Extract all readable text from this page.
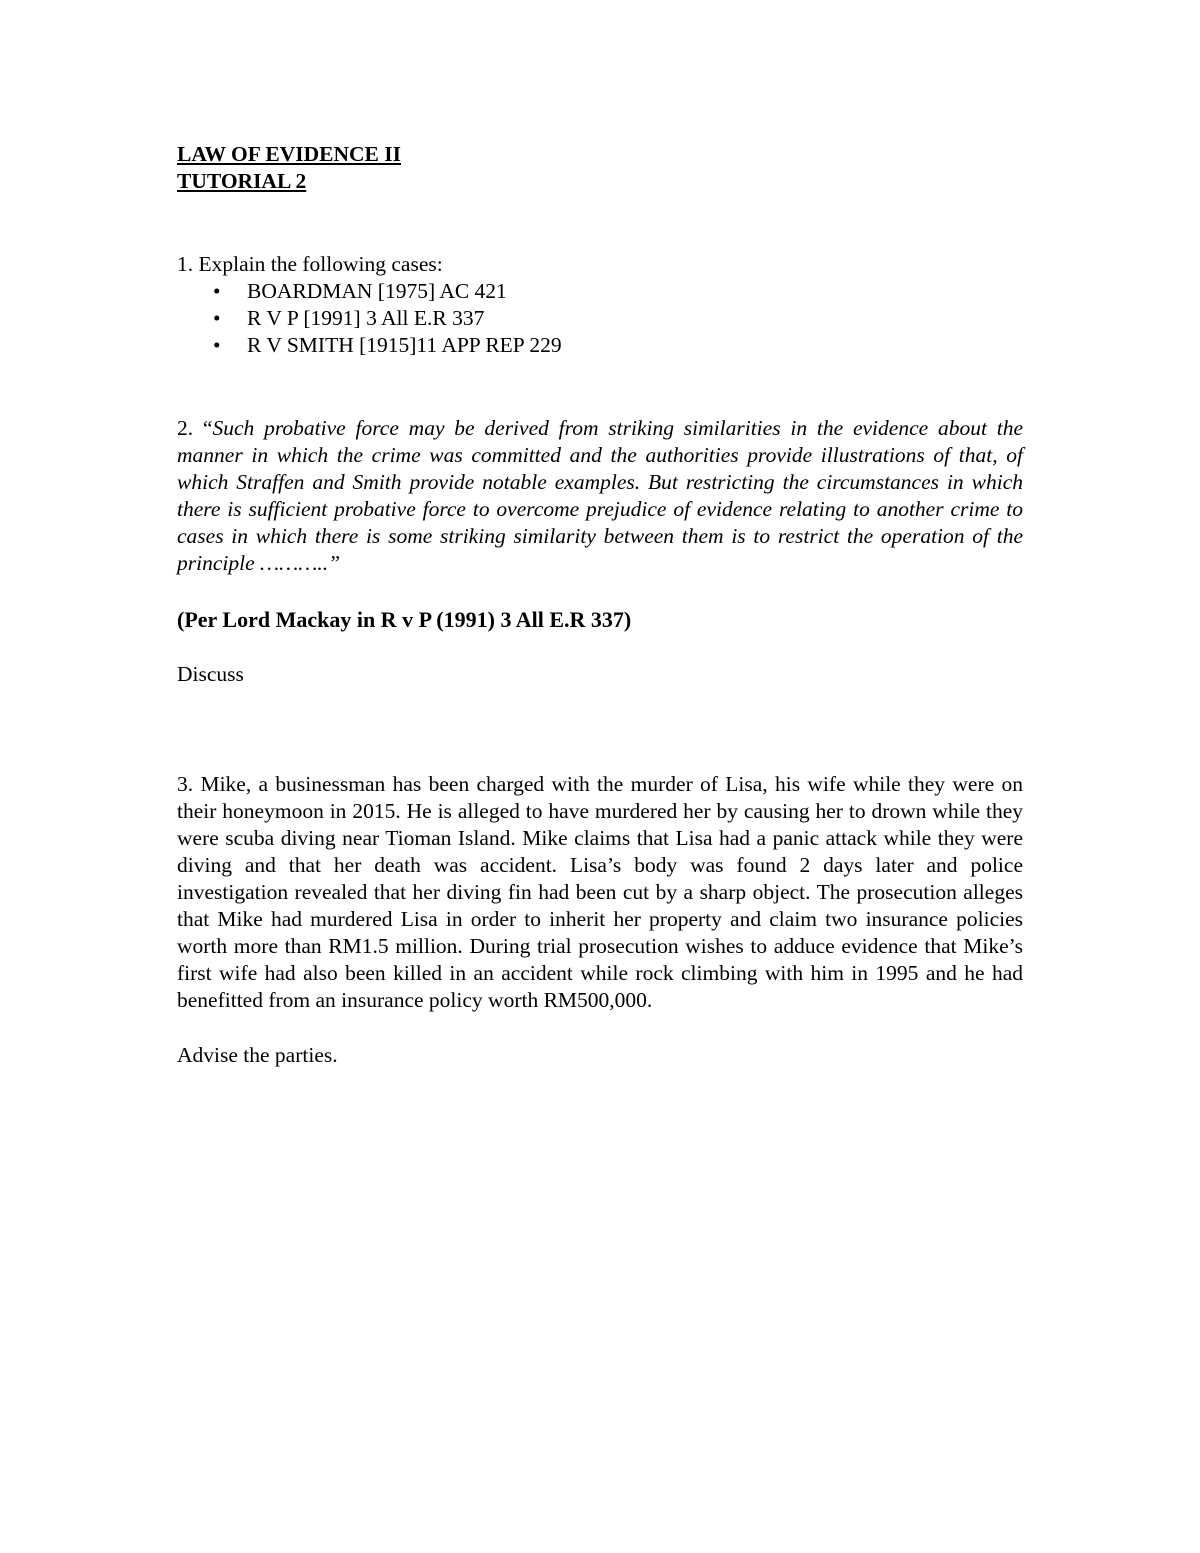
LAW OF EVIDENCE II

TUTORIAL 2

1. Explain the following cases:

• BOARDMAN [1975] AC 421
• R V P [1991] 3 All E.R 337
• R V SMITH [1915]11 APP REP 229

2. “Such probative force may be derived from striking similarities in the evidence about the manner in which the crime was committed and the authorities provide illustrations of that, of which Straffen and Smith provide notable examples. But restricting the circumstances in which there is sufficient probative force to overcome prejudice of evidence relating to another crime to cases in which there is some striking similarity between them is to restrict the operation of the principle ………..”

(Per Lord Mackay in R v P (1991) 3 All E.R 337)

Discuss

3. Mike, a businessman has been charged with the murder of Lisa, his wife while they were on their honeymoon in 2015. He is alleged to have murdered her by causing her to drown while they were scuba diving near Tioman Island. Mike claims that Lisa had a panic attack while they were diving and that her death was accident. Lisa’s body was found 2 days later and police investigation revealed that her diving fin had been cut by a sharp object. The prosecution alleges that Mike had murdered Lisa in order to inherit her property and claim two insurance policies worth more than RM1.5 million. During trial prosecution wishes to adduce evidence that Mike’s first wife had also been killed in an accident while rock climbing with him in 1995 and he had benefitted from an insurance policy worth RM500,000.

Advise the parties.
